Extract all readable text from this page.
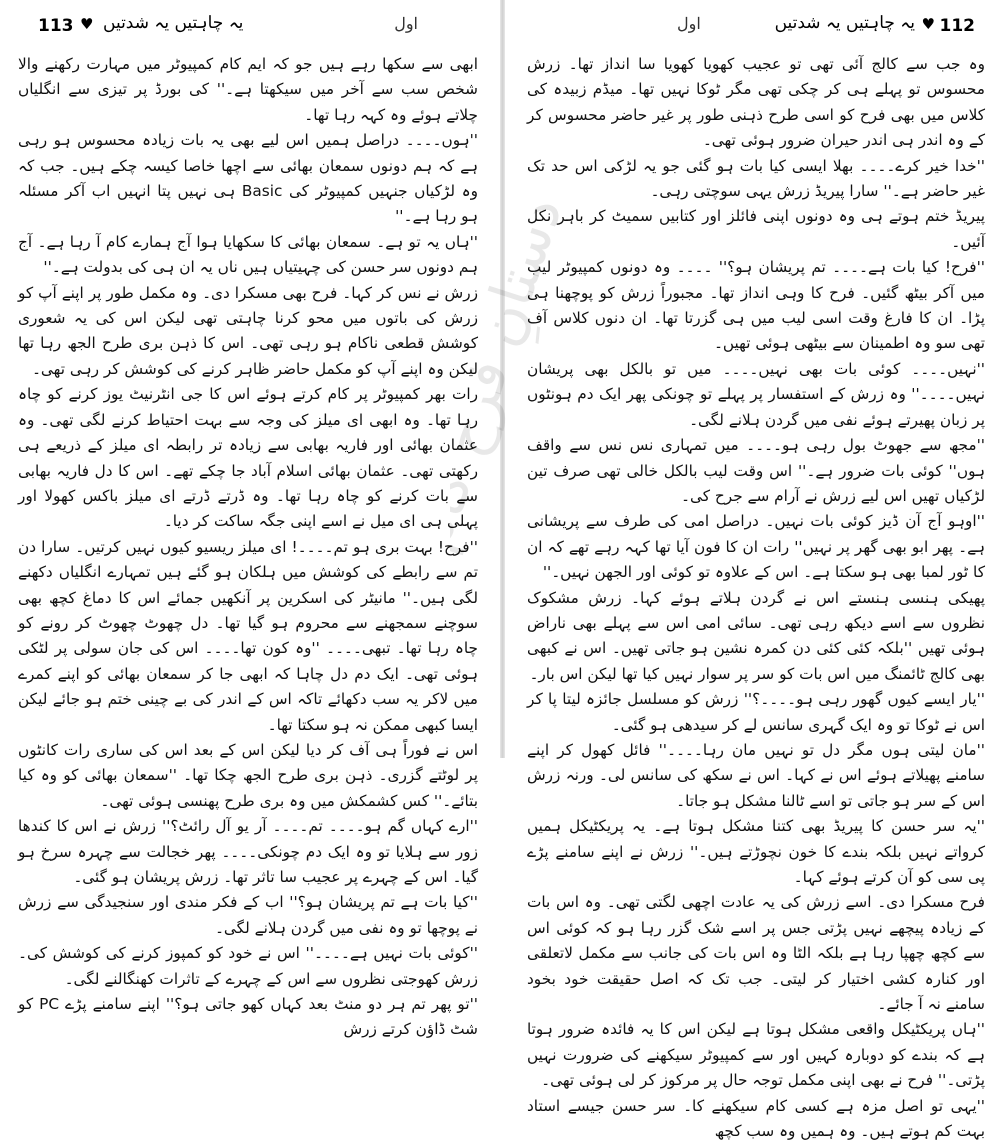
113 ♥ یہ چاہتیں یہ شدتیں	اول

ابھی سے سکھا رہے ہیں جو کہ ایم کام کمپیوٹر میں مہارت رکھنے والا شخص سب سے آخر میں سیکھتا ہے۔'' کی بورڈ پر تیزی سے انگلیاں چلاتے ہوئے وہ کہہ رہا تھا۔

''ہوں۔۔۔۔ دراصل ہمیں اس لیے بھی یہ بات زیادہ محسوس ہو رہی ہے کہ ہم دونوں سمعان بھائی سے اچھا خاصا کیسہ چکے ہیں۔ جب کہ وہ لڑکیاں جنہیں کمپیوٹر کی Basic ہی نہیں پتا انہیں اب آکر مسئلہ ہو رہا ہے۔''

''ہاں یہ تو ہے۔ سمعان بھائی کا سکھایا ہوا آج ہمارے کام آ رہا ہے۔ آج ہم دونوں سر حسن کی چہیتیاں ہیں ناں یہ ان ہی کی بدولت ہے۔''

زرش نے نس کر کہا۔ فرح بھی مسکرا دی۔ وہ مکمل طور پر اپنے آپ کو زرش کی باتوں میں محو کرنا چاہتی تھی لیکن اس کی یہ شعوری کوشش قطعی ناکام ہو رہی تھی۔ اس کا ذہن بری طرح الجھ رہا تھا لیکن وہ اپنے آپ کو مکمل حاضر ظاہر کرنے کی کوشش کر رہی تھی۔

رات بھر کمپیوٹر پر کام کرتے ہوئے اس کا جی انٹرنیٹ یوز کرنے کو چاہ رہا تھا۔ وہ ابھی ای میلز کی وجہ سے بہت احتیاط کرنے لگی تھی۔ وہ عثمان بھائی اور فاریہ بھابی سے زیادہ تر رابطہ ای میلز کے ذریعے ہی رکھتی تھی۔ عثمان بھائی اسلام آباد جا چکے تھے۔ اس کا دل فاریہ بھابی سے بات کرنے کو چاہ رہا تھا۔ وہ ڈرتے ڈرتے ای میلز باکس کھولا اور پہلی ہی ای میل نے اسے اپنی جگہ ساکت کر دیا۔

''فرح! بہت بری ہو تم۔۔۔۔! ای میلز ریسیو کیوں نہیں کرتیں۔ سارا دن تم سے رابطے کی کوشش میں ہلکان ہو گئے ہیں تمہارے انگلیاں دکھنے لگی ہیں۔'' مانیٹر کی اسکرین پر آنکھیں جمائے اس کا دماغ کچھ بھی سوچنے سمجھنے سے محروم ہو گیا تھا۔ دل چھوٹ چھوٹ کر رونے کو چاہ رہا تھا۔ تبھی۔۔۔۔ ''وہ کون تھا۔۔۔۔ اس کی جان سولی پر لٹکی ہوئی تھی۔ ایک دم دل چاہا کہ ابھی جا کر سمعان بھائی کو اپنے کمرے میں لاکر یہ سب دکھائے تاکہ اس کے اندر کی بے چینی ختم ہو جائے لیکن ایسا کبھی ممکن نہ ہو سکتا تھا۔

اس نے فوراً ہی آف کر دیا لیکن اس کے بعد اس کی ساری رات کانٹوں پر لوٹتے گزری۔ ذہن بری طرح الجھ چکا تھا۔ ''سمعان بھائی کو وہ کیا بتائے۔'' کس کشمکش میں وہ بری طرح پھنسی ہوئی تھی۔

''ارے کہاں گم ہو۔۔۔۔ تم۔۔۔۔ آر یو آل رائٹ؟'' زرش نے اس کا کندھا زور سے ہلایا تو وہ ایک دم چونکی۔۔۔۔ پھر خجالت سے چہرہ سرخ ہو گیا۔ اس کے چہرے پر عجیب سا تاثر تھا۔ زرش پریشان ہو گئی۔

''کیا بات ہے تم پریشان ہو؟'' اب کے فکر مندی اور سنجیدگی سے زرش نے پوچھا تو وہ نفی میں گردن ہلانے لگی۔

''کوئی بات نہیں ہے۔۔۔۔'' اس نے خود کو کمپوز کرنے کی کوشش کی۔ زرش کھوجتی نظروں سے اس کے چہرے کے تاثرات کھنگالنے لگی۔

''تو پھر تم ہر دو منٹ بعد کہاں کھو جاتی ہو؟'' اپنے سامنے پڑے PC کو شٹ ڈاؤن کرتے زرش

112
♥
یہ چاہتیں یہ شدتیں
اول

وہ جب سے کالج آئی تھی تو عجیب کھویا کھویا سا انداز تھا۔ زرش محسوس تو پہلے ہی کر چکی تھی مگر ٹوکا نہیں تھا۔ میڈم زبیدہ کی کلاس میں بھی فرح کو اسی طرح ذہنی طور پر غیر حاضر محسوس کر کے وہ اندر ہی اندر حیران ضرور ہوئی تھی۔

''خدا خیر کرے۔۔۔۔ بھلا ایسی کیا بات ہو گئی جو یہ لڑکی اس حد تک غیر حاضر ہے۔'' سارا پیریڈ زرش یہی سوچتی رہی۔

پیریڈ ختم ہوتے ہی وہ دونوں اپنی فائلز اور کتابیں سمیٹ کر باہر نکل آئیں۔

''فرح! کیا بات ہے۔۔۔۔ تم پریشان ہو؟'' ۔۔۔۔ وہ دونوں کمپیوٹر لیب میں آکر بیٹھ گئیں۔ فرح کا وہی انداز تھا۔ مجبوراً زرش کو پوچھنا ہی پڑا۔ ان کا فارغ وقت اسی لیب میں ہی گزرتا تھا۔ ان دنوں کلاس آف تھی سو وہ اطمینان سے بیٹھی ہوئی تھیں۔

''نہیں۔۔۔۔ کوئی بات بھی نہیں۔۔۔۔ میں تو بالکل بھی پریشان نہیں۔۔۔۔'' وہ زرش کے استفسار پر پہلے تو چونکی پھر ایک دم ہونٹوں پر زبان پھیرتے ہوئے نفی میں گردن ہلانے لگی۔

''مجھ سے جھوٹ بول رہی ہو۔۔۔۔ میں تمہاری نس نس سے واقف ہوں'' کوئی بات ضرور ہے۔'' اس وقت لیب بالکل خالی تھی صرف تین لڑکیاں تھیں اس لیے زرش نے آرام سے جرح کی۔

''اوہو آج آن ڈیز کوئی بات نہیں۔ دراصل امی کی طرف سے پریشانی ہے۔ پھر ابو بھی گھر پر نہیں'' رات ان کا فون آیا تھا کہہ رہے تھے کہ ان کا ٹور لمبا بھی ہو سکتا ہے۔ اس کے علاوہ تو کوئی اور الجھن نہیں۔''

پھیکی ہنسی ہنستے اس نے گردن ہلاتے ہوئے کہا۔ زرش مشکوک نظروں سے اسے دیکھ رہی تھی۔ سائی امی اس سے پہلے بھی ناراض ہوئی تھیں ''بلکہ کئی کئی دن کمرہ نشین ہو جاتی تھیں۔ اس نے کبھی بھی کالج ٹائمنگ میں اس بات کو سر پر سوار نہیں کیا تھا لیکن اس بار۔

''یار ایسے کیوں گھور رہی ہو۔۔۔۔؟'' زرش کو مسلسل جائزہ لیتا پا کر اس نے ٹوکا تو وہ ایک گہری سانس لے کر سیدھی ہو گئی۔

''مان لیتی ہوں مگر دل تو نہیں مان رہا۔۔۔۔'' فائل کھول کر اپنے سامنے پھیلاتے ہوئے اس نے کہا۔ اس نے سکھ کی سانس لی۔ ورنہ زرش اس کے سر ہو جاتی تو اسے ٹالنا مشکل ہو جاتا۔

''یہ سر حسن کا پیریڈ بھی کتنا مشکل ہوتا ہے۔ یہ پریکٹیکل ہمیں کرواتے نہیں بلکہ بندے کا خون نچوڑتے ہیں۔'' زرش نے اپنے سامنے پڑے پی سی کو آن کرتے ہوئے کہا۔

فرح مسکرا دی۔ اسے زرش کی یہ عادت اچھی لگتی تھی۔ وہ اس بات کے زیادہ پیچھے نہیں پڑتی جس پر اسے شک گزر رہا ہو کہ کوئی اس سے کچھ چھپا رہا ہے بلکہ الٹا وہ اس بات کی جانب سے مکمل لاتعلقی اور کنارہ کشی اختیار کر لیتی۔ جب تک کہ اصل حقیقت خود بخود سامنے نہ آ جائے۔

''ہاں پریکٹیکل واقعی مشکل ہوتا ہے لیکن اس کا یہ فائدہ ضرور ہوتا ہے کہ بندے کو دوبارہ کہیں اور سے کمپیوٹر سیکھنے کی ضرورت نہیں پڑتی۔'' فرح نے بھی اپنی مکمل توجہ حال پر مرکوز کر لی ہوئی تھی۔

''یہی تو اصل مزہ ہے کسی کام سیکھنے کا۔ سر حسن جیسے استاد بہت کم ہوتے ہیں۔ وہ ہمیں وہ سب کچھ

دستانِ فرح کام
